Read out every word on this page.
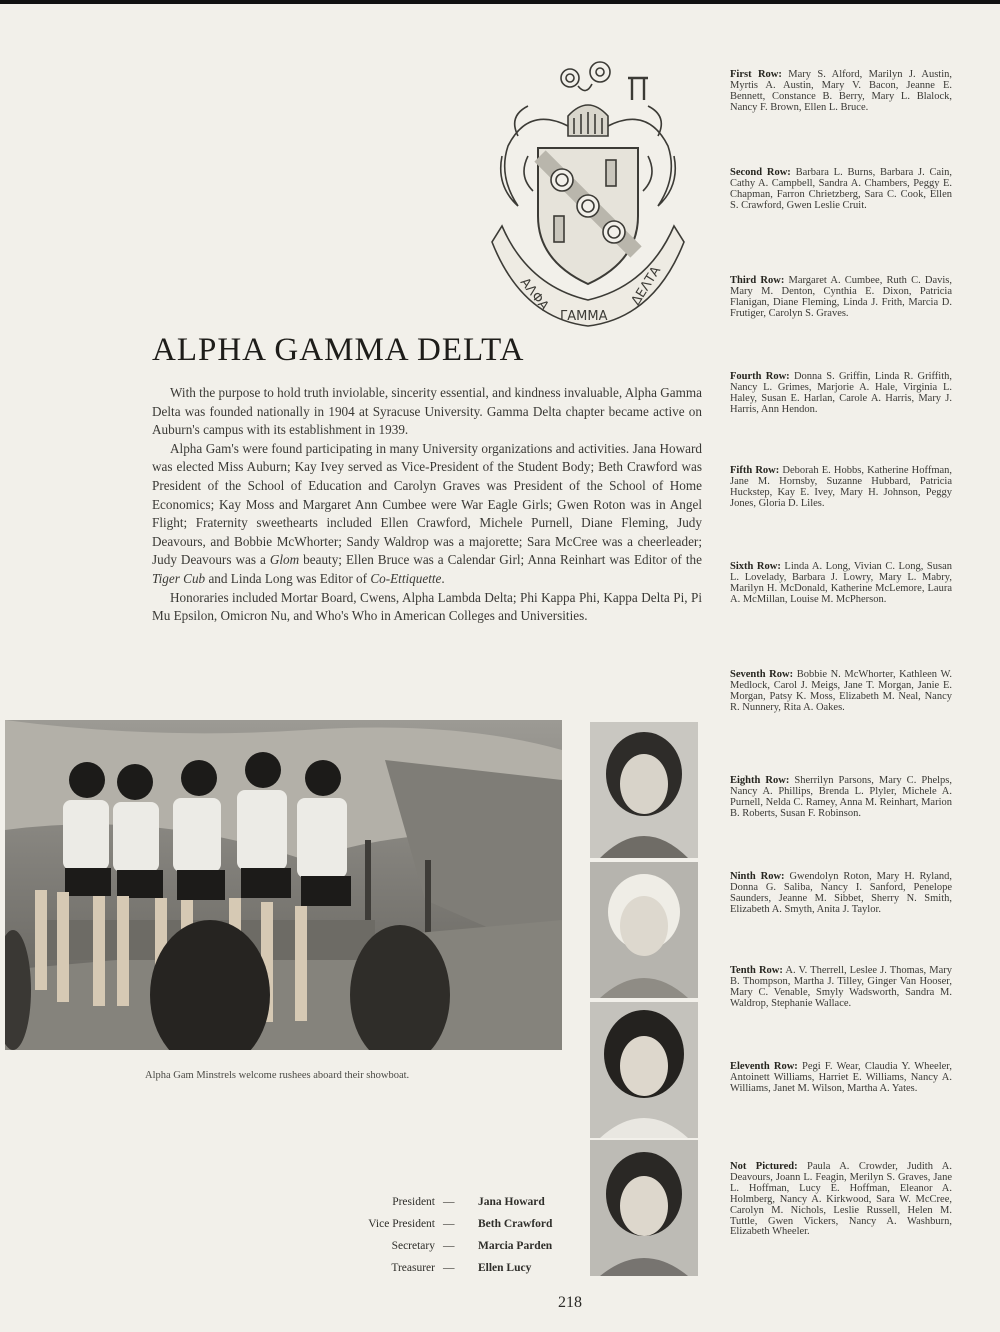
ΑΛΦΑ
ΓΑΜΜΑ
ΔΕΛΤΑ
ALPHA GAMMA DELTA

With the purpose to hold truth inviolable, sincerity essential, and kindness invaluable, Alpha Gamma Delta was founded nationally in 1904 at Syracuse University. Gamma Delta chapter became active on Auburn's campus with its establishment in 1939.

Alpha Gam's were found participating in many University organizations and activities. Jana Howard was elected Miss Auburn; Kay Ivey served as Vice-President of the Student Body; Beth Crawford was President of the School of Education and Carolyn Graves was President of the School of Home Economics; Kay Moss and Margaret Ann Cumbee were War Eagle Girls; Gwen Roton was in Angel Flight; Fraternity sweethearts included Ellen Crawford, Michele Purnell, Diane Fleming, Judy Deavours, and Bobbie McWhorter; Sandy Waldrop was a majorette; Sara McCree was a cheerleader; Judy Deavours was a Glom beauty; Ellen Bruce was a Calendar Girl; Anna Reinhart was Editor of the Tiger Cub and Linda Long was Editor of Co-Ettiquette.

Honoraries included Mortar Board, Cwens, Alpha Lambda Delta; Phi Kappa Phi, Kappa Delta Pi, Pi Mu Epsilon, Omicron Nu, and Who's Who in American Colleges and Universities.

Alpha Gam Minstrels welcome rushees aboard their showboat.
President — Jana Howard
Vice President — Beth Crawford
Secretary — Marcia Parden
Treasurer — Ellen Lucy
218

First Row: Mary S. Alford, Marilyn J. Austin, Myrtis A. Austin, Mary V. Bacon, Jeanne E. Bennett, Constance B. Berry, Mary L. Blalock, Nancy F. Brown, Ellen L. Bruce.

Second Row: Barbara L. Burns, Barbara J. Cain, Cathy A. Campbell, Sandra A. Chambers, Peggy E. Chapman, Farron Chrietzberg, Sara C. Cook, Ellen S. Crawford, Gwen Leslie Cruit.

Third Row: Margaret A. Cumbee, Ruth C. Davis, Mary M. Denton, Cynthia E. Dixon, Patricia Flanigan, Diane Fleming, Linda J. Frith, Marcia D. Frutiger, Carolyn S. Graves.

Fourth Row: Donna S. Griffin, Linda R. Griffith, Nancy L. Grimes, Marjorie A. Hale, Virginia L. Haley, Susan E. Harlan, Carole A. Harris, Mary J. Harris, Ann Hendon.

Fifth Row: Deborah E. Hobbs, Katherine Hoffman, Jane M. Hornsby, Suzanne Hubbard, Patricia Huckstep, Kay E. Ivey, Mary H. Johnson, Peggy Jones, Gloria D. Liles.

Sixth Row: Linda A. Long, Vivian C. Long, Susan L. Lovelady, Barbara J. Lowry, Mary L. Mabry, Marilyn H. McDonald, Katherine McLemore, Laura A. McMillan, Louise M. McPherson.

Seventh Row: Bobbie N. McWhorter, Kathleen W. Medlock, Carol J. Meigs, Jane T. Morgan, Janie E. Morgan, Patsy K. Moss, Elizabeth M. Neal, Nancy R. Nunnery, Rita A. Oakes.

Eighth Row: Sherrilyn Parsons, Mary C. Phelps, Nancy A. Phillips, Brenda L. Plyler, Michele A. Purnell, Nelda C. Ramey, Anna M. Reinhart, Marion B. Roberts, Susan F. Robinson.

Ninth Row: Gwendolyn Roton, Mary H. Ryland, Donna G. Saliba, Nancy I. Sanford, Penelope Saunders, Jeanne M. Sibbet, Sherry N. Smith, Elizabeth A. Smyth, Anita J. Taylor.

Tenth Row: A. V. Therrell, Leslee J. Thomas, Mary B. Thompson, Martha J. Tilley, Ginger Van Hooser, Mary C. Venable, Smyly Wadsworth, Sandra M. Waldrop, Stephanie Wallace.

Eleventh Row: Pegi F. Wear, Claudia Y. Wheeler, Antoinett Williams, Harriet E. Williams, Nancy A. Williams, Janet M. Wilson, Martha A. Yates.

Not Pictured: Paula A. Crowder, Judith A. Deavours, Joann L. Feagin, Merilyn S. Graves, Jane L. Hoffman, Lucy E. Hoffman, Eleanor A. Holmberg, Nancy A. Kirkwood, Sara W. McCree, Carolyn M. Nichols, Leslie Russell, Helen M. Tuttle, Gwen Vickers, Nancy A. Washburn, Elizabeth Wheeler.
